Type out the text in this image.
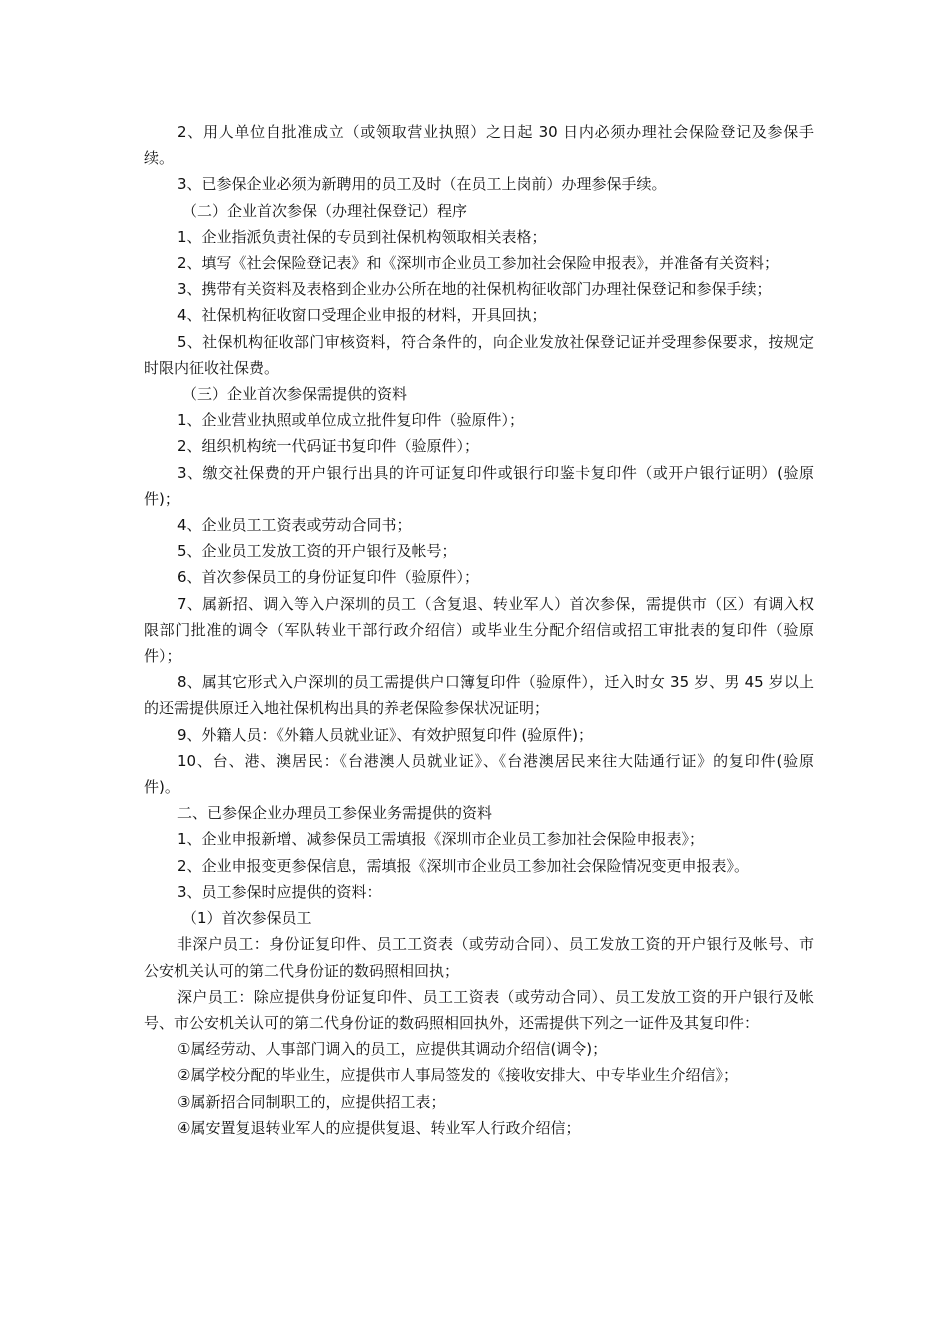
2、用人单位自批准成立（或领取营业执照）之日起 30 日内必须办理社会保险登记及参保手续。

3、已参保企业必须为新聘用的员工及时（在员工上岗前）办理参保手续。

（二）企业首次参保（办理社保登记）程序

1、企业指派负责社保的专员到社保机构领取相关表格；

2、填写《社会保险登记表》和《深圳市企业员工参加社会保险申报表》，并准备有关资料；

3、携带有关资料及表格到企业办公所在地的社保机构征收部门办理社保登记和参保手续；

4、社保机构征收窗口受理企业申报的材料，开具回执；

5、社保机构征收部门审核资料，符合条件的，向企业发放社保登记证并受理参保要求，按规定时限内征收社保费。

（三）企业首次参保需提供的资料

1、企业营业执照或单位成立批件复印件（验原件）；

2、组织机构统一代码证书复印件（验原件）；

3、缴交社保费的开户银行出具的许可证复印件或银行印鉴卡复印件（或开户银行证明）(验原件)；

4、企业员工工资表或劳动合同书；

5、企业员工发放工资的开户银行及帐号；

6、首次参保员工的身份证复印件（验原件）；

7、属新招、调入等入户深圳的员工（含复退、转业军人）首次参保，需提供市（区）有调入权限部门批准的调令（军队转业干部行政介绍信）或毕业生分配介绍信或招工审批表的复印件（验原件）；

8、属其它形式入户深圳的员工需提供户口簿复印件（验原件），迁入时女 35 岁、男 45 岁以上的还需提供原迁入地社保机构出具的养老保险参保状况证明；

9、外籍人员：《外籍人员就业证》、有效护照复印件 (验原件)；

10、台、港、澳居民：《台港澳人员就业证》、《台港澳居民来往大陆通行证》的复印件(验原件)。

二、已参保企业办理员工参保业务需提供的资料

1、企业申报新增、减参保员工需填报《深圳市企业员工参加社会保险申报表》；

2、企业申报变更参保信息，需填报《深圳市企业员工参加社会保险情况变更申报表》。

3、员工参保时应提供的资料：

（1）首次参保员工

非深户员工：身份证复印件、员工工资表（或劳动合同）、员工发放工资的开户银行及帐号、市公安机关认可的第二代身份证的数码照相回执；

深户员工：除应提供身份证复印件、员工工资表（或劳动合同）、员工发放工资的开户银行及帐号、市公安机关认可的第二代身份证的数码照相回执外，还需提供下列之一证件及其复印件：

①属经劳动、人事部门调入的员工，应提供其调动介绍信(调令)；

②属学校分配的毕业生，应提供市人事局签发的《接收安排大、中专毕业生介绍信》；

③属新招合同制职工的，应提供招工表；

④属安置复退转业军人的应提供复退、转业军人行政介绍信；
